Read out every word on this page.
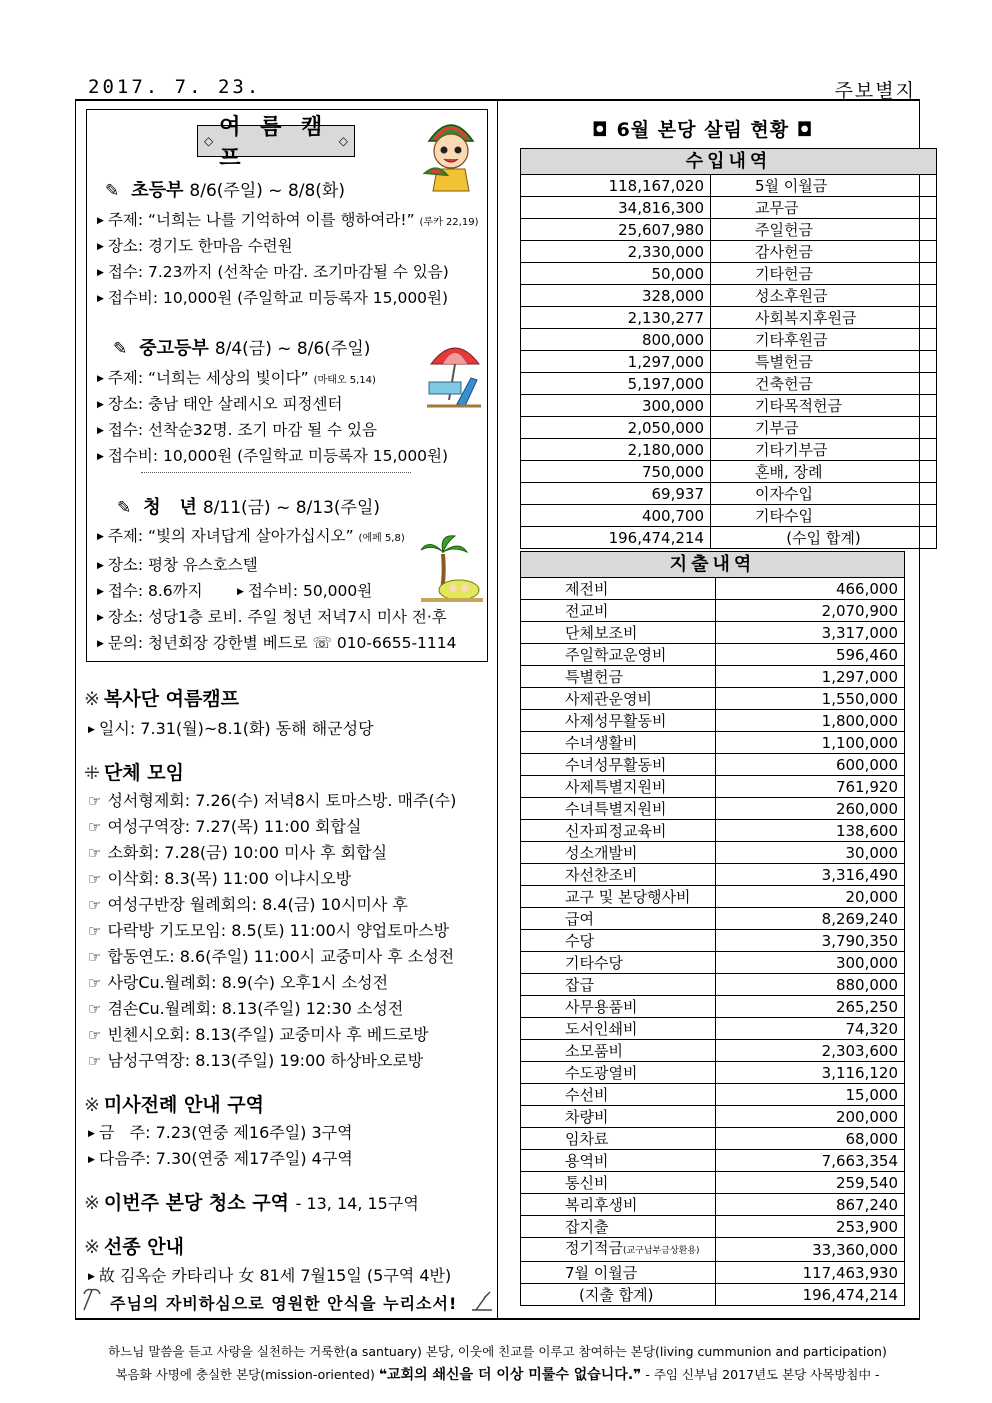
2017. 7. 23.	주보별지
◇
여 름 캠 프
◇
✎ 초등부 8/6(주일) ~ 8/8(화)
▶ 주제: “너희는 나를 기억하여 이를 행하여라!” (루카 22,19)
▶ 장소: 경기도 한마음 수련원
▶ 접수: 7.23까지 (선착순 마감. 조기마감될 수 있음)
▶ 접수비: 10,000원 (주일학교 미등록자 15,000원)
✎ 중고등부 8/4(금) ~ 8/6(주일)
▶ 주제: “너희는 세상의 빛이다” (마태오 5,14)
▶ 장소: 충남 태안 살레시오 피정센터
▶ 접수: 선착순32명. 조기 마감 될 수 있음
▶ 접수비: 10,000원 (주일학교 미등록자 15,000원)
✎ 청   년 8/11(금) ~ 8/13(주일)
▶ 주제: “빛의 자녀답게 살아가십시오” (에페 5,8)
▶ 장소: 평창 유스호스텔
▶ 접수: 8.6까지	▶ 접수비: 50,000원
▶ 장소: 성당1층 로비. 주일 청년 저녁7시 미사 전·후
▶ 문의: 청년회장 강한별 베드로 ☏ 010-6655-1114
※ 복사단 여름캠프
▶ 일시: 7.31(월)~8.1(화) 동해 해군성당
⁜ 단체 모임
☞ 성서형제회: 7.26(수) 저녁8시 토마스방. 매주(수)
☞ 여성구역장: 7.27(목) 11:00 회합실
☞ 소화회: 7.28(금) 10:00 미사 후 회합실
☞ 이삭회: 8.3(목) 11:00 이냐시오방
☞ 여성구반장 월례회의: 8.4(금) 10시미사 후
☞ 다락방 기도모임: 8.5(토) 11:00시 양업토마스방
☞ 합동연도: 8.6(주일) 11:00시 교중미사 후 소성전
☞ 사랑Cu.월례회: 8.9(수) 오후1시 소성전
☞ 겸손Cu.월례회: 8.13(주일) 12:30 소성전
☞ 빈첸시오회: 8.13(주일) 교중미사 후 베드로방
☞ 남성구역장: 8.13(주일) 19:00 하상바오로방
※ 미사전례 안내 구역
▶ 금   주: 7.23(연중 제16주일) 3구역
▶ 다음주: 7.30(연중 제17주일) 4구역
※ 이번주 본당 청소 구역 - 13, 14, 15구역
※ 선종 안내
▶ 故 김옥순 카타리나 女 81세 7월15일 (5구역 4반)
주님의 자비하심으로 영원한 안식을 누리소서!
◘ 6월 본당 살림 현황 ◘
수입내역	
118,167,020	5월 이월금
34,816,300	교무금
25,607,980	주일헌금
2,330,000	감사헌금
50,000	기타헌금
328,000	성소후원금
2,130,277	사회복지후원금
800,000	기타후원금
1,297,000	특별헌금
5,197,000	건축헌금
300,000	기타목적헌금
2,050,000	기부금
2,180,000	기타기부금
750,000	혼배, 장례
69,937	이자수입
400,700	기타수입
196,474,214	(수입 합계)
지출내역	
제전비	466,000
전교비	2,070,900
단체보조비	3,317,000
주일학교운영비	596,460
특별헌금	1,297,000
사제관운영비	1,550,000
사제성무활동비	1,800,000
수녀생활비	1,100,000
수녀성무활동비	600,000
사제특별지원비	761,920
수녀특별지원비	260,000
신자피정교육비	138,600
성소개발비	30,000
자선찬조비	3,316,490
교구 및 본당행사비	20,000
급여	8,269,240
수당	3,790,350
기타수당	300,000
잡급	880,000
사무용품비	265,250
도서인쇄비	74,320
소모품비	2,303,600
수도광열비	3,116,120
수선비	15,000
차량비	200,000
임차료	68,000
용역비	7,663,354
통신비	259,540
복리후생비	867,240
잡지출	253,900
정기적금(교구납부금상환용)	33,360,000
7월 이월금	117,463,930
(지출 합계)	196,474,214
하느님 말씀을 듣고 사랑을 실천하는 거룩한(a santuary) 본당, 이웃에 친교를 이루고 참여하는 본당(living cummunion and participation)
복음화 사명에 충실한 본당(mission-oriented) ❝교회의 쇄신을 더 이상 미룰수 없습니다.❞ - 주임 신부님 2017년도 본당 사목방침中 -
